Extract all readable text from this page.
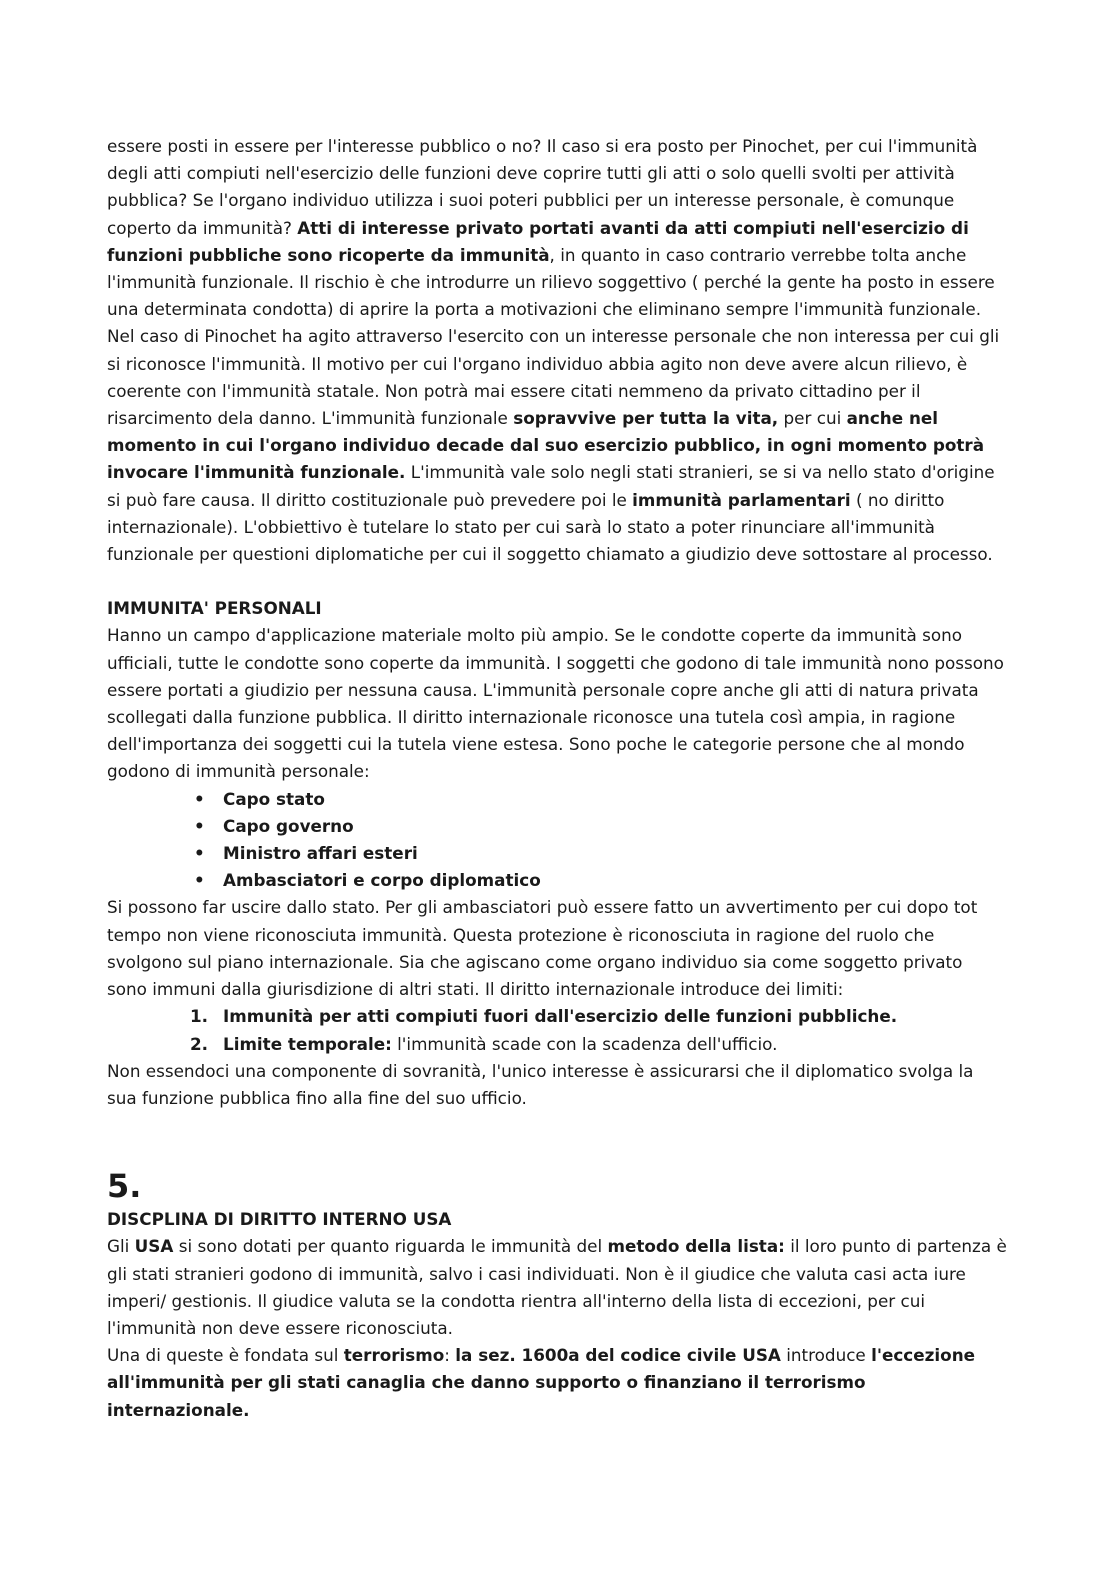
essere posti in essere per l'interesse pubblico o no? Il caso si era posto per Pinochet, per cui l'immunità degli atti compiuti nell'esercizio delle funzioni deve coprire tutti gli atti o solo quelli svolti per attività pubblica? Se l'organo individuo utilizza i suoi poteri pubblici per un interesse personale, è comunque coperto da immunità? Atti di interesse privato portati avanti da atti compiuti nell'esercizio di funzioni pubbliche sono ricoperte da immunità, in quanto in caso contrario verrebbe tolta anche l'immunità funzionale. Il rischio è che introdurre un rilievo soggettivo ( perché la gente ha posto in essere una determinata condotta) di aprire la porta a motivazioni che eliminano sempre l'immunità funzionale. Nel caso di Pinochet ha agito attraverso l'esercito con un interesse personale che non interessa per cui gli si riconosce l'immunità. Il motivo per cui l'organo individuo abbia agito non deve avere alcun rilievo, è coerente con l'immunità statale. Non potrà mai essere citati nemmeno da privato cittadino per il risarcimento dela danno. L'immunità funzionale sopravvive per tutta la vita, per cui anche nel momento in cui l'organo individuo decade dal suo esercizio pubblico, in ogni momento potrà invocare l'immunità funzionale. L'immunità vale solo negli stati stranieri, se si va nello stato d'origine si può fare causa. Il diritto costituzionale può prevedere poi le immunità parlamentari ( no diritto internazionale). L'obbiettivo è tutelare lo stato per cui sarà lo stato a poter rinunciare all'immunità funzionale per questioni diplomatiche per cui il soggetto chiamato a giudizio deve sottostare al processo.

IMMUNITA' PERSONALI

Hanno un campo d'applicazione materiale molto più ampio. Se le condotte coperte da immunità sono ufficiali, tutte le condotte sono coperte da immunità. I soggetti che godono di tale immunità nono possono essere portati a giudizio per nessuna causa. L'immunità personale copre anche gli atti di natura privata scollegati dalla funzione pubblica. Il diritto internazionale riconosce una tutela così ampia, in ragione dell'importanza dei soggetti cui la tutela viene estesa. Sono poche le categorie persone che al mondo godono di immunità personale:

• Capo stato
• Capo governo
• Ministro affari esteri
• Ambasciatori e corpo diplomatico

Si possono far uscire dallo stato. Per gli ambasciatori può essere fatto un avvertimento per cui dopo tot tempo non viene riconosciuta immunità. Questa protezione è riconosciuta in ragione del ruolo che svolgono sul piano internazionale. Sia che agiscano come organo individuo sia come soggetto privato sono immuni dalla giurisdizione di altri stati. Il diritto internazionale introduce dei limiti:

1. Immunità per atti compiuti fuori dall'esercizio delle funzioni pubbliche.
2. Limite temporale: l'immunità scade con la scadenza dell'ufficio.

Non essendoci una componente di sovranità, l'unico interesse è assicurarsi che il diplomatico svolga la sua funzione pubblica fino alla fine del suo ufficio.

5.

DISCPLINA DI DIRITTO INTERNO USA

Gli USA si sono dotati per quanto riguarda le immunità del metodo della lista: il loro punto di partenza è gli stati stranieri godono di immunità, salvo i casi individuati. Non è il giudice che valuta casi acta iure imperi/ gestionis. Il giudice valuta se la condotta rientra all'interno della lista di eccezioni, per cui l'immunità non deve essere riconosciuta.

Una di queste è fondata sul terrorismo: la sez. 1600a del codice civile USA introduce l'eccezione all'immunità per gli stati canaglia che danno supporto o finanziano il terrorismo internazionale.
